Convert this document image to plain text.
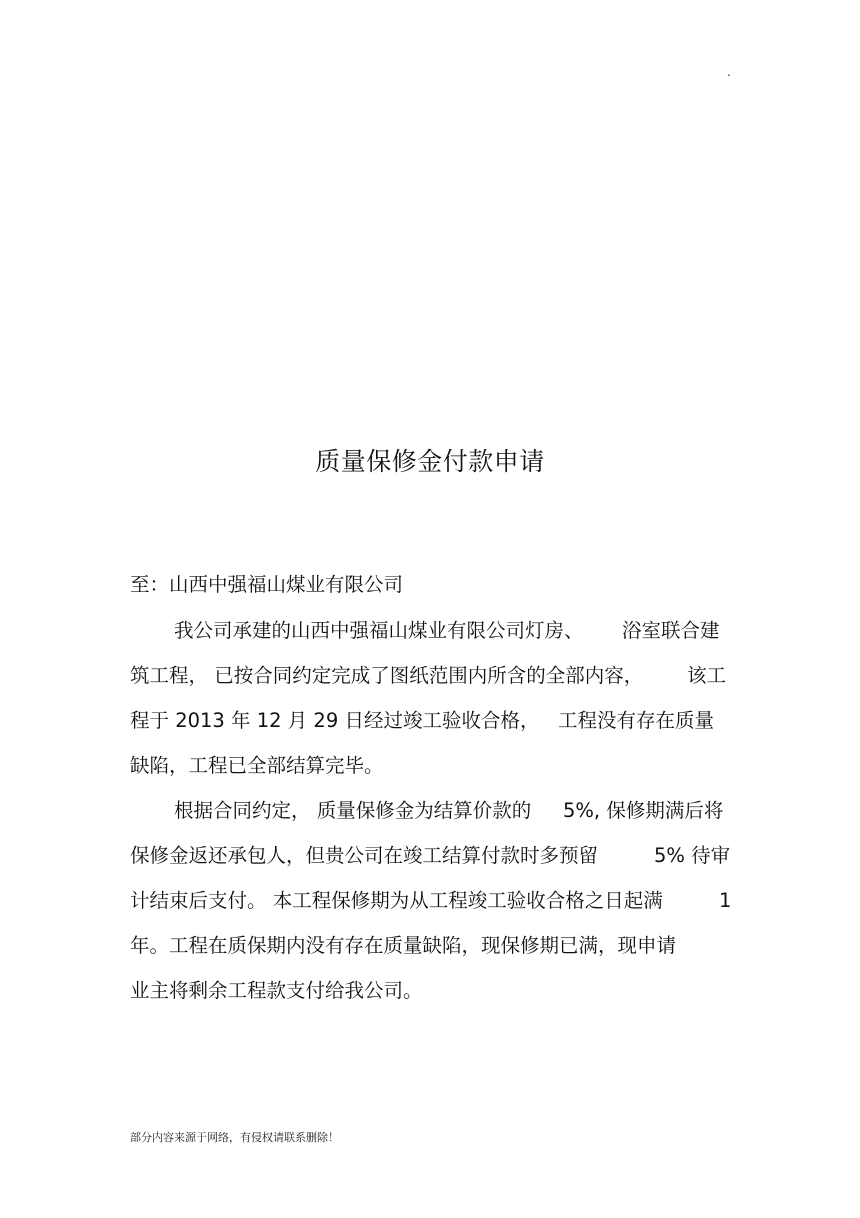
.
质量保修金付款申请
至：山西中强福山煤业有限公司
我公司承建的山西中强福山煤业有限公司灯房、 浴室联合建
筑工程， 已按合同约定完成了图纸范围内所含的全部内容， 该工
程于 2013 年 12 月 29 日经过竣工验收合格， 工程没有存在质量
缺陷，工程已全部结算完毕。
根据合同约定， 质量保修金为结算价款的 5%, 保修期满后将
保修金返还承包人，但贵公司在竣工结算付款时多预留	5% 待审
计结束后支付。 本工程保修期为从工程竣工验收合格之日起满	1
年。工程在质保期内没有存在质量缺陷，现保修期已满，现申请
业主将剩余工程款支付给我公司。
部分内容来源于网络，有侵权请联系删除！
